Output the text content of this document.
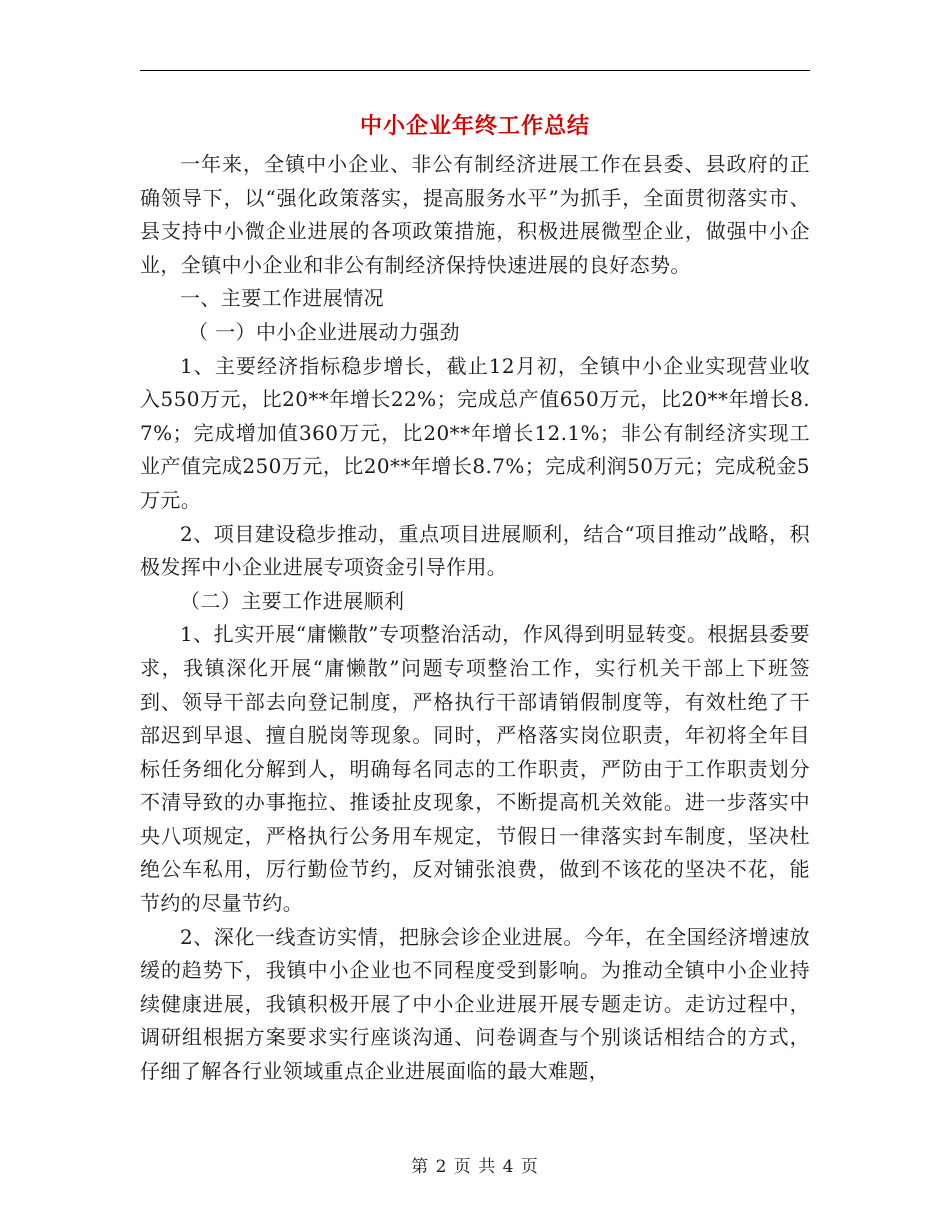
中小企业年终工作总结

一年来，全镇中小企业、非公有制经济进展工作在县委、县政府的正确领导下，以“强化政策落实，提高服务水平”为抓手，全面贯彻落实市、县支持中小微企业进展的各项政策措施，积极进展微型企业，做强中小企业，全镇中小企业和非公有制经济保持快速进展的良好态势。

一、主要工作进展情况

（ 一）中小企业进展动力强劲

1、主要经济指标稳步增长，截止12月初，全镇中小企业实现营业收入550万元，比20**年增长22%；完成总产值650万元，比20**年增长8.7%；完成增加值360万元，比20**年增长12.1%；非公有制经济实现工业产值完成250万元，比20**年增长8.7%；完成利润50万元；完成税金5万元。

2、项目建设稳步推动，重点项目进展顺利，结合“项目推动”战略，积极发挥中小企业进展专项资金引导作用。

（二）主要工作进展顺利

1、扎实开展“庸懒散”专项整治活动，作风得到明显转变。根据县委要求，我镇深化开展“庸懒散”问题专项整治工作，实行机关干部上下班签到、领导干部去向登记制度，严格执行干部请销假制度等，有效杜绝了干部迟到早退、擅自脱岗等现象。同时，严格落实岗位职责，年初将全年目标任务细化分解到人，明确每名同志的工作职责，严防由于工作职责划分不清导致的办事拖拉、推诿扯皮现象，不断提高机关效能。进一步落实中央八项规定，严格执行公务用车规定，节假日一律落实封车制度，坚决杜绝公车私用，厉行勤俭节约，反对铺张浪费，做到不该花的坚决不花，能节约的尽量节约。

2、深化一线查访实情，把脉会诊企业进展。今年，在全国经济增速放缓的趋势下，我镇中小企业也不同程度受到影响。为推动全镇中小企业持续健康进展，我镇积极开展了中小企业进展开展专题走访。走访过程中，调研组根据方案要求实行座谈沟通、问卷调查与个别谈话相结合的方式，仔细了解各行业领域重点企业进展面临的最大难题，

第 2 页 共 4 页
